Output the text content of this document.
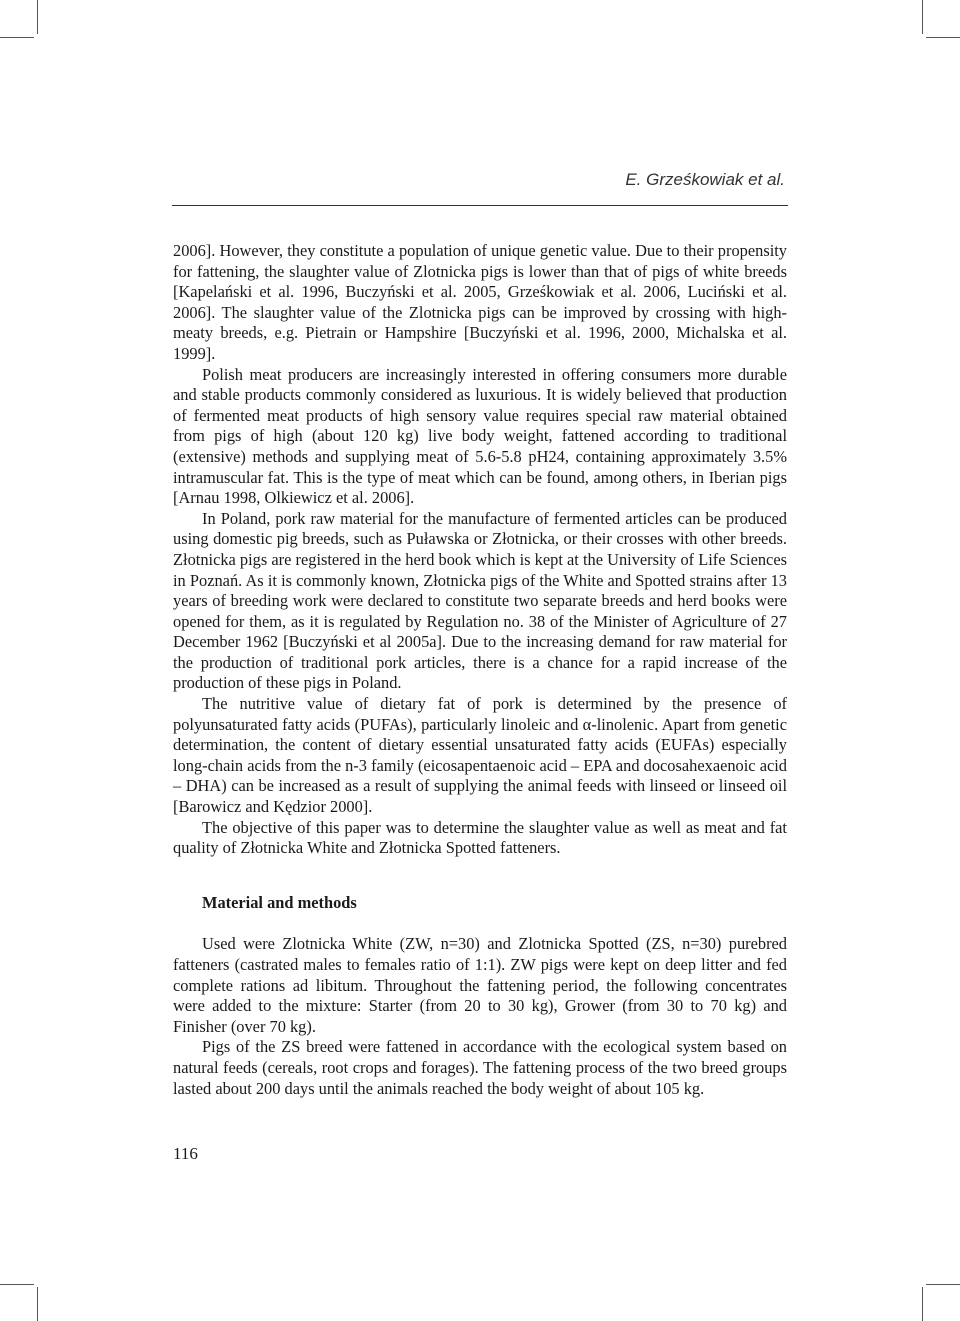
E. Grześkowiak et al.

2006]. However, they constitute a population of unique genetic value. Due to their propensity for fattening, the slaughter value of Zlotnicka pigs is lower than that of pigs of white breeds [Kapelański et al. 1996, Buczyński et al. 2005, Grześkowiak et al. 2006, Luciński et al. 2006]. The slaughter value of the Zlotnicka pigs can be improved by crossing with high-meaty breeds, e.g. Pietrain or Hampshire [Buczyński et al. 1996, 2000, Michalska et al. 1999].

Polish meat producers are increasingly interested in offering consumers more durable and stable products commonly considered as luxurious. It is widely believed that production of fermented meat products of high sensory value requires special raw material obtained from pigs of high (about 120 kg) live body weight, fattened according to traditional (extensive) methods and supplying meat of 5.6-5.8 pH24, containing approximately 3.5% intramuscular fat. This is the type of meat which can be found, among others, in Iberian pigs [Arnau 1998, Olkiewicz et al. 2006].

In Poland, pork raw material for the manufacture of fermented articles can be produced using domestic pig breeds, such as Puławska or Złotnicka, or their crosses with other breeds. Złotnicka pigs are registered in the herd book which is kept at the University of Life Sciences in Poznań. As it is commonly known, Złotnicka pigs of the White and Spotted strains after 13 years of breeding work were declared to constitute two separate breeds and herd books were opened for them, as it is regulated by Regulation no. 38 of the Minister of Agriculture of 27 December 1962 [Buczyński et al 2005a]. Due to the increasing demand for raw material for the production of traditional pork articles, there is a chance for a rapid increase of the production of these pigs in Poland.

The nutritive value of dietary fat of pork is determined by the presence of polyunsaturated fatty acids (PUFAs), particularly linoleic and α-linolenic. Apart from genetic determination, the content of dietary essential unsaturated fatty acids (EUFAs) especially long-chain acids from the n-3 family (eicosapentaenoic acid – EPA and docosahexaenoic acid – DHA) can be increased as a result of supplying the animal feeds with linseed or linseed oil [Barowicz and Kędzior 2000].

The objective of this paper was to determine the slaughter value as well as meat and fat quality of Złotnicka White and Złotnicka Spotted fatteners.

Material and methods

Used were Zlotnicka White (ZW, n=30) and Zlotnicka Spotted (ZS, n=30) purebred fatteners (castrated males to females ratio of 1:1). ZW pigs were kept on deep litter and fed complete rations ad libitum. Throughout the fattening period, the following concentrates were added to the mixture: Starter (from 20 to 30 kg), Grower (from 30 to 70 kg) and Finisher (over 70 kg).

Pigs of the ZS breed were fattened in accordance with the ecological system based on natural feeds (cereals, root crops and forages). The fattening process of the two breed groups lasted about 200 days until the animals reached the body weight of about 105 kg.

116
